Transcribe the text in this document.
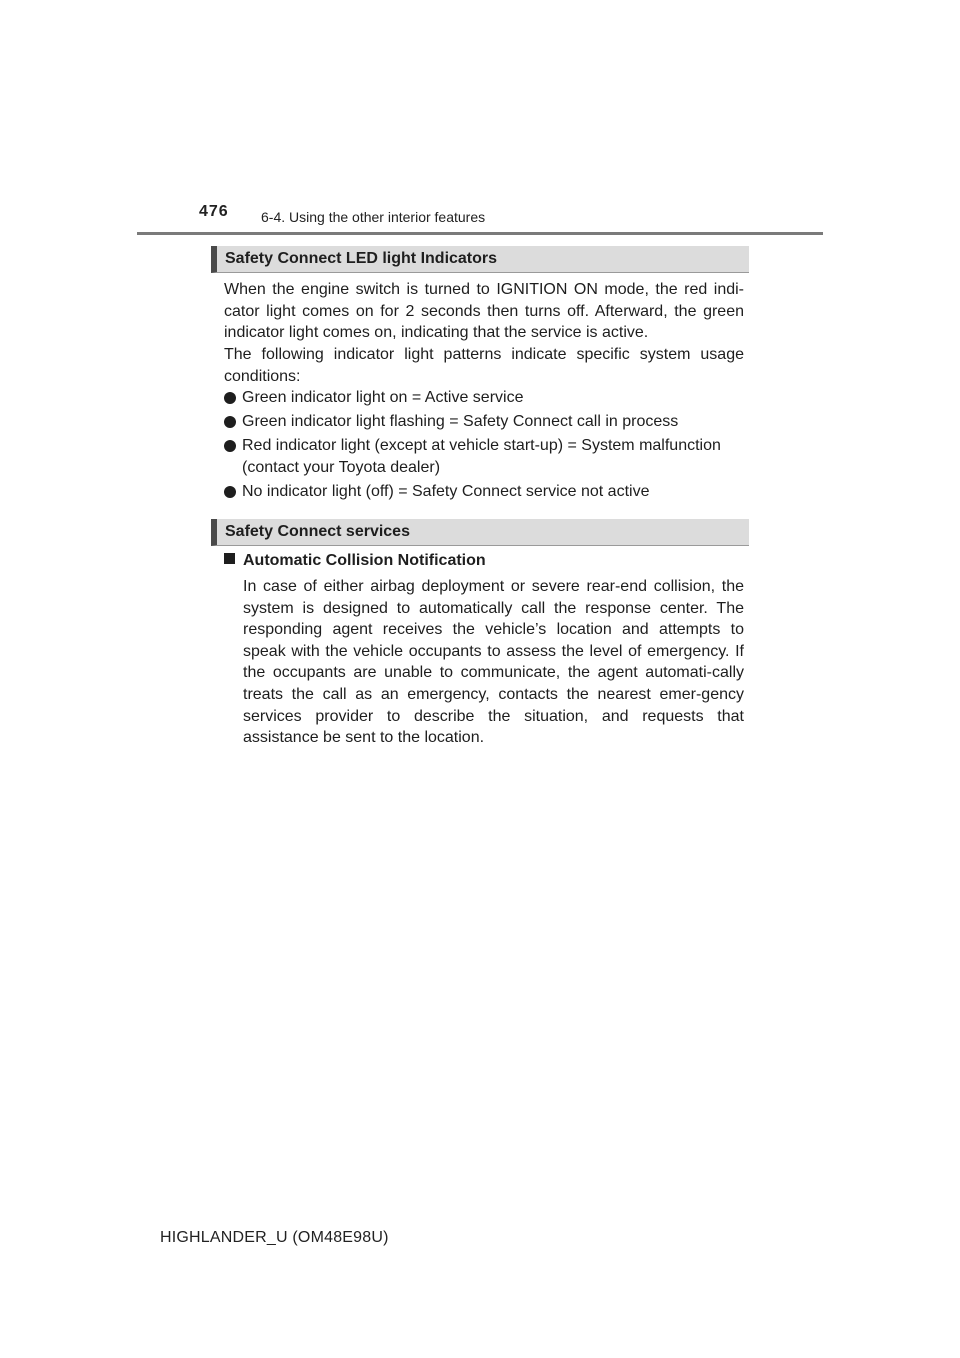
476 6-4. Using the other interior features
Safety Connect LED light Indicators

When the engine switch is turned to IGNITION ON mode, the red indi-cator light comes on for 2 seconds then turns off. Afterward, the green indicator light comes on, indicating that the service is active.

The following indicator light patterns indicate specific system usage conditions:

Green indicator light on = Active service
Green indicator light flashing = Safety Connect call in process
Red indicator light (except at vehicle start-up) = System malfunction (contact your Toyota dealer)
No indicator light (off) = Safety Connect service not active
Safety Connect services
Automatic Collision Notification

In case of either airbag deployment or severe rear-end collision, the system is designed to automatically call the response center. The responding agent receives the vehicle’s location and attempts to speak with the vehicle occupants to assess the level of emergency. If the occupants are unable to communicate, the agent automati-cally treats the call as an emergency, contacts the nearest emer-gency services provider to describe the situation, and requests that assistance be sent to the location.

HIGHLANDER_U (OM48E98U)
